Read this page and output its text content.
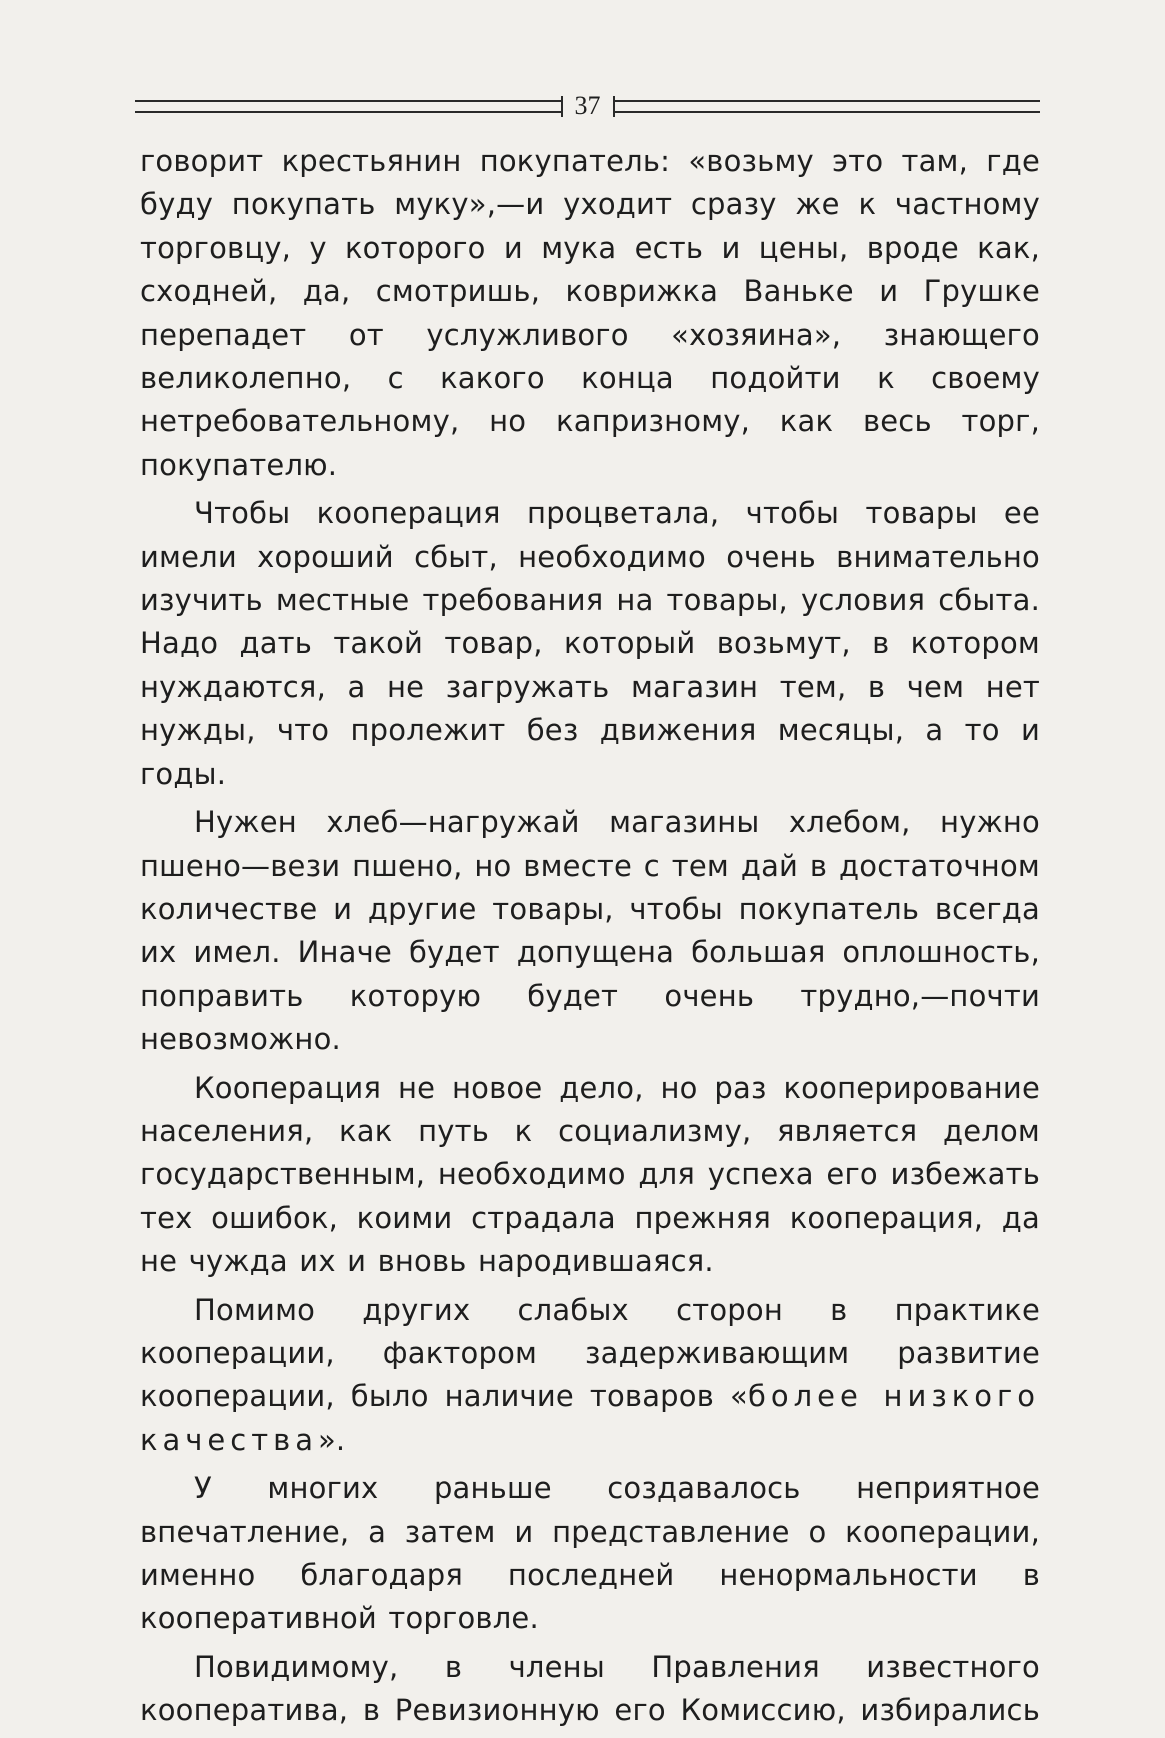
37

говорит крестьянин покупатель: «возьму это там, где буду покупать муку»,—и уходит сразу же к частному торговцу, у которого и мука есть и цены, вроде как, сходней, да, смотришь, коврижка Ваньке и Грушке перепадет от услужливого «хозяина», знающего великолепно, с какого конца подойти к своему нетребовательному, но капризному, как весь торг, покупателю.

Чтобы кооперация процветала, чтобы товары ее имели хороший сбыт, необходимо очень внимательно изучить местные требования на товары, условия сбыта. Надо дать такой товар, который возьмут, в котором нуждаются, а не загружать магазин тем, в чем нет нужды, что пролежит без движения месяцы, а то и годы.

Нужен хлеб—нагружай магазины хлебом, нужно пшено—вези пшено, но вместе с тем дай в достаточном количестве и другие товары, чтобы покупатель всегда их имел. Иначе будет допущена большая оплошность, поправить которую будет очень трудно,—почти невозможно.

Кооперация не новое дело, но раз кооперирование населения, как путь к социализму, является делом государственным, необходимо для успеха его избежать тех ошибок, коими страдала прежняя кооперация, да не чужда их и вновь народившаяся.

Помимо других слабых сторон в практике кооперации, фактором задерживающим развитие кооперации, было наличие товаров «более низкого качества».

У многих раньше создавалось неприятное впечатление, а затем и представление о кооперации, именно благодаря последней ненормальности в кооперативной торговле.

Повидимому, в члены Правления известного кооператива, в Ревизионную его Комиссию, избирались
